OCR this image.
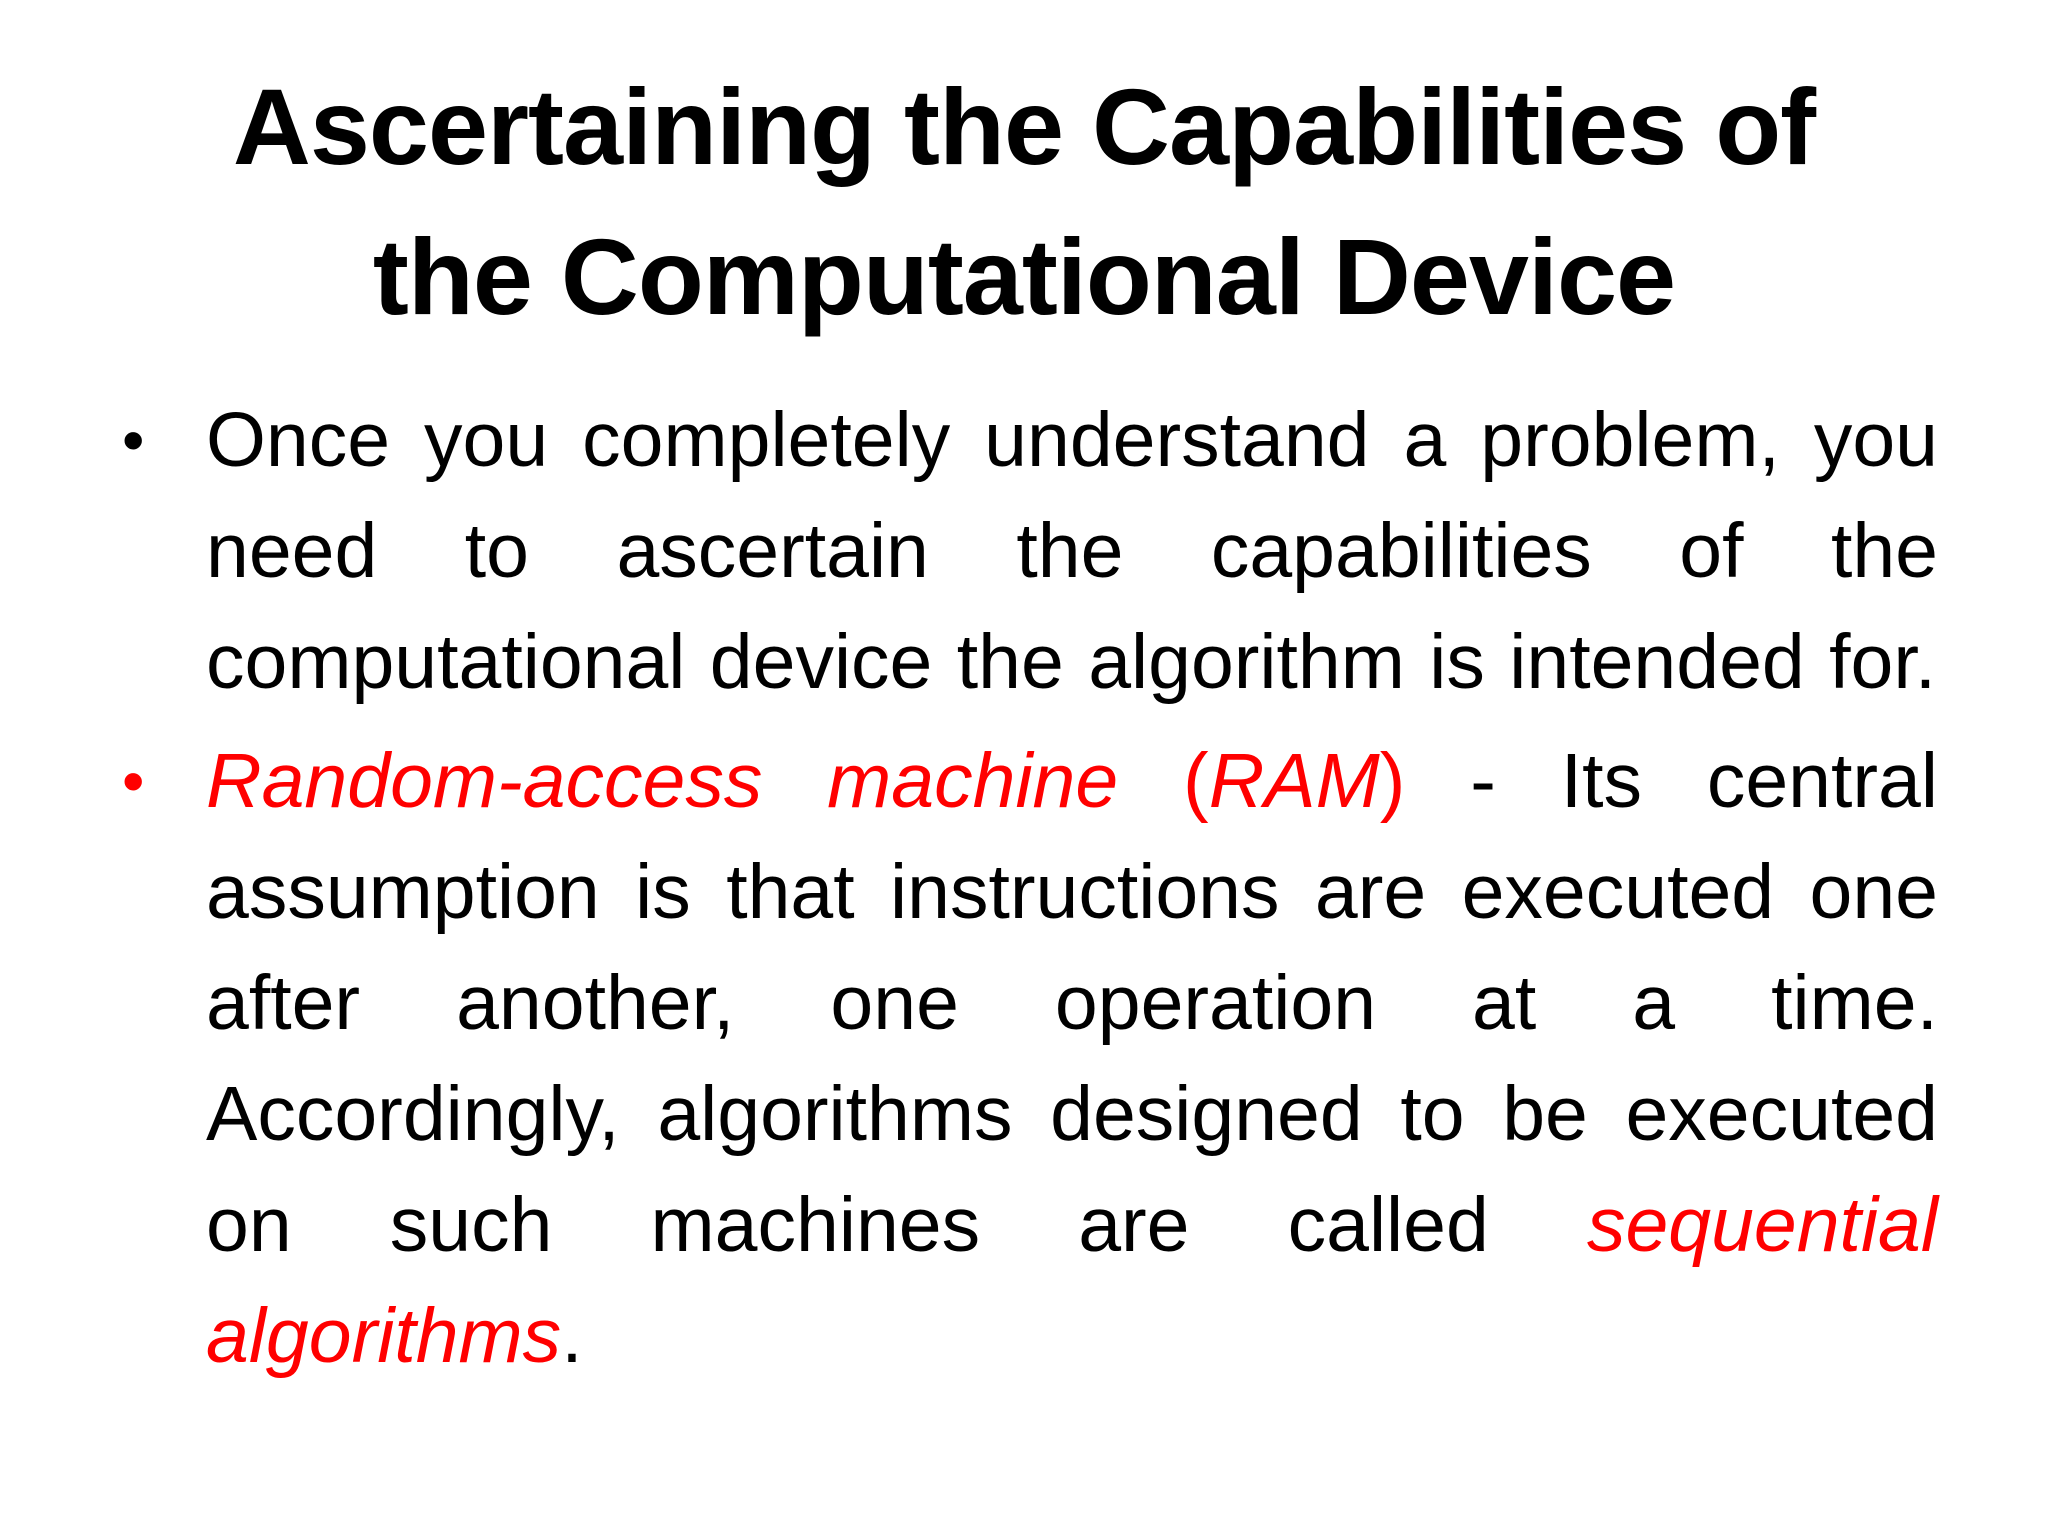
Ascertaining the Capabilities of
the Computational Device
• Once you completely understand a problem, you need to ascertain the capabilities of the computational device the algorithm is intended for.
• Random-access machine (RAM) - Its central assumption is that instructions are executed one after another, one operation at a time. Accordingly, algorithms designed to be executed on such machines are called sequential algorithms.
